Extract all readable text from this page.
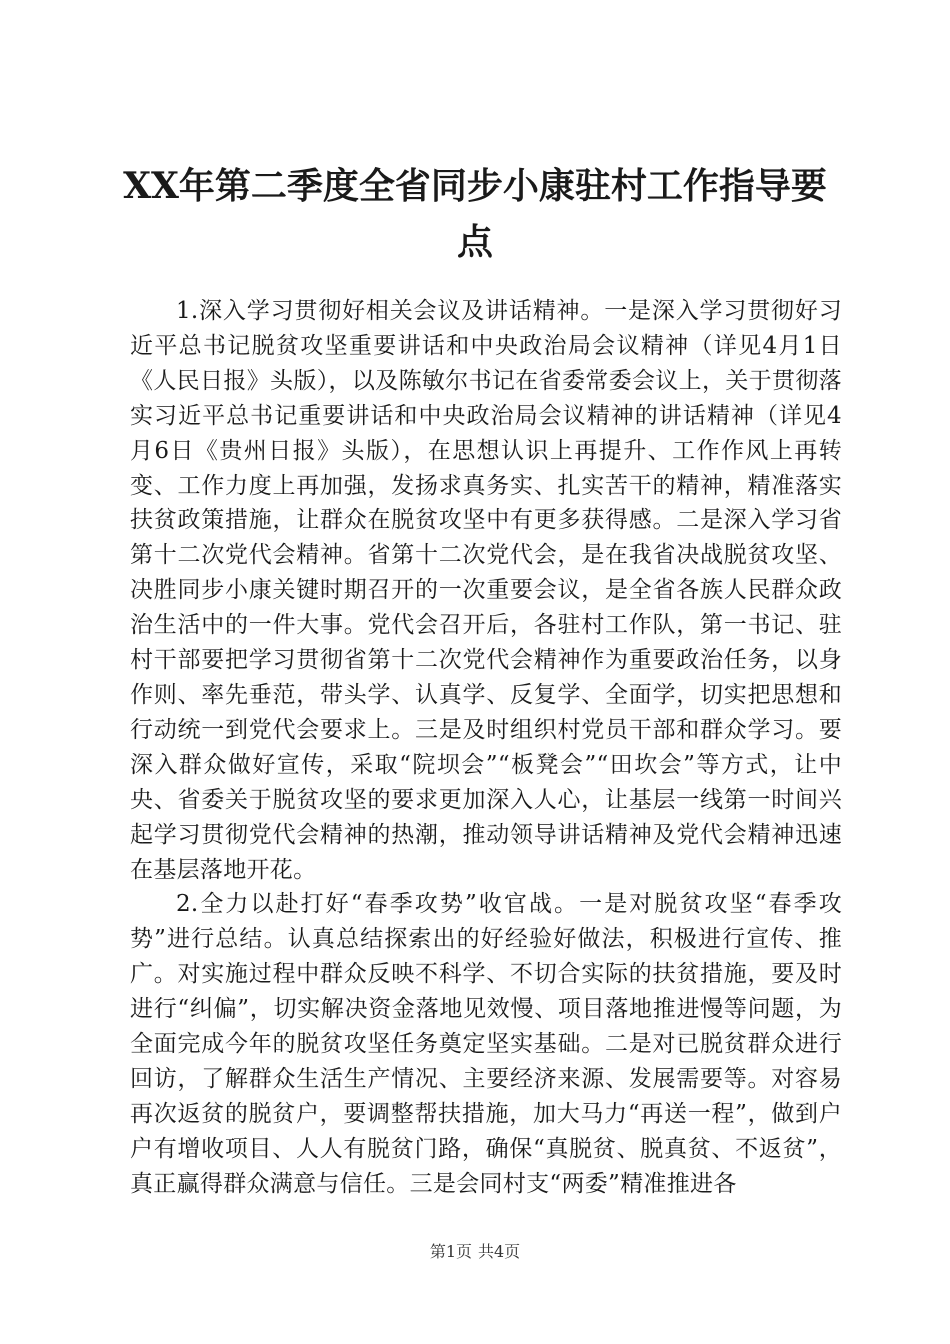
XX年第二季度全省同步小康驻村工作指导要点

1.深入学习贯彻好相关会议及讲话精神。一是深入学习贯彻好习近平总书记脱贫攻坚重要讲话和中央政治局会议精神（详见4月1日《人民日报》头版），以及陈敏尔书记在省委常委会议上，关于贯彻落实习近平总书记重要讲话和中央政治局会议精神的讲话精神（详见4月6日《贵州日报》头版），在思想认识上再提升、工作作风上再转变、工作力度上再加强，发扬求真务实、扎实苦干的精神，精准落实扶贫政策措施，让群众在脱贫攻坚中有更多获得感。二是深入学习省第十二次党代会精神。省第十二次党代会，是在我省决战脱贫攻坚、决胜同步小康关键时期召开的一次重要会议，是全省各族人民群众政治生活中的一件大事。党代会召开后，各驻村工作队，第一书记、驻村干部要把学习贯彻省第十二次党代会精神作为重要政治任务，以身作则、率先垂范，带头学、认真学、反复学、全面学，切实把思想和行动统一到党代会要求上。三是及时组织村党员干部和群众学习。要深入群众做好宣传，采取“院坝会”“板凳会”“田坎会”等方式，让中央、省委关于脱贫攻坚的要求更加深入人心，让基层一线第一时间兴起学习贯彻党代会精神的热潮，推动领导讲话精神及党代会精神迅速在基层落地开花。

2.全力以赴打好“春季攻势”收官战。一是对脱贫攻坚“春季攻势”进行总结。认真总结探索出的好经验好做法，积极进行宣传、推广。对实施过程中群众反映不科学、不切合实际的扶贫措施，要及时进行“纠偏”，切实解决资金落地见效慢、项目落地推进慢等问题，为全面完成今年的脱贫攻坚任务奠定坚实基础。二是对已脱贫群众进行回访，了解群众生活生产情况、主要经济来源、发展需要等。对容易再次返贫的脱贫户，要调整帮扶措施，加大马力“再送一程”，做到户户有增收项目、人人有脱贫门路，确保“真脱贫、脱真贫、不返贫”，真正赢得群众满意与信任。三是会同村支“两委”精准推进各

第1页 共4页
